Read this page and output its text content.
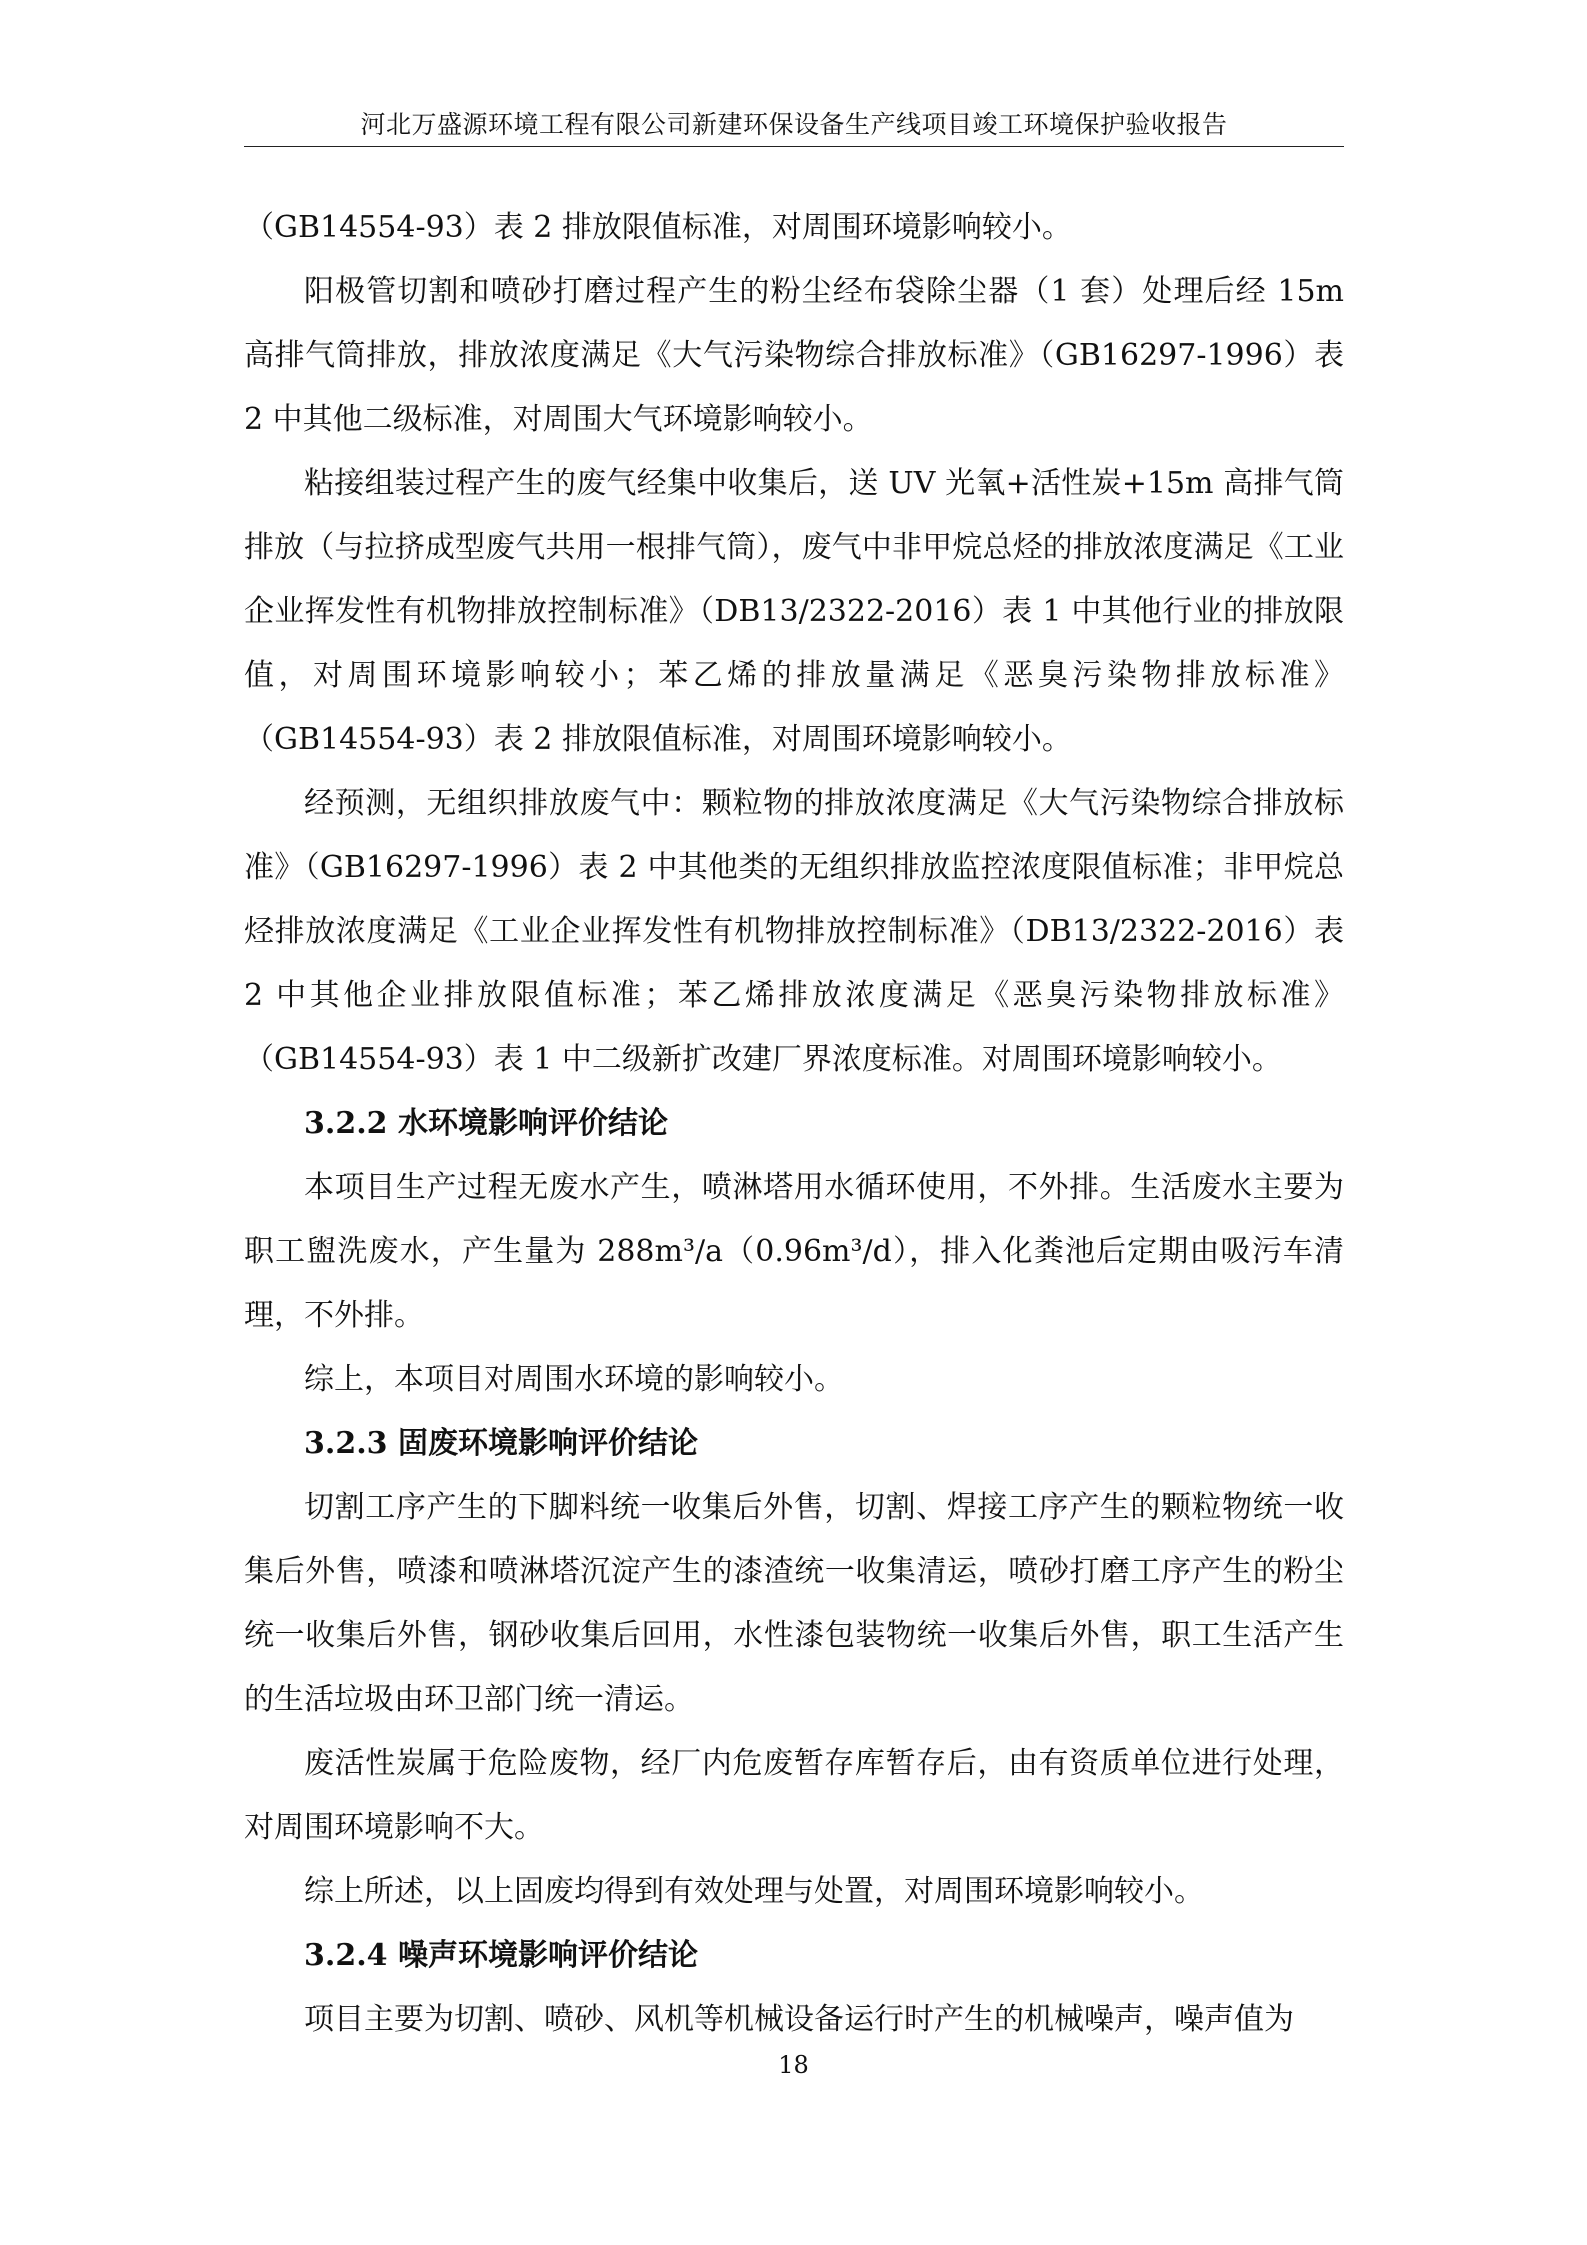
河北万盛源环境工程有限公司新建环保设备生产线项目竣工环境保护验收报告

（GB14554-93）表 2 排放限值标准，对周围环境影响较小。

阳极管切割和喷砂打磨过程产生的粉尘经布袋除尘器（1 套）处理后经 15m 高排气筒排放，排放浓度满足《大气污染物综合排放标准》（GB16297-1996）表 2 中其他二级标准，对周围大气环境影响较小。

粘接组装过程产生的废气经集中收集后，送 UV 光氧+活性炭+15m 高排气筒排放（与拉挤成型废气共用一根排气筒），废气中非甲烷总烃的排放浓度满足《工业企业挥发性有机物排放控制标准》（DB13/2322-2016）表 1 中其他行业的排放限值，对周围环境影响较小；苯乙烯的排放量满足《恶臭污染物排放标准》（GB14554-93）表 2 排放限值标准，对周围环境影响较小。

经预测，无组织排放废气中：颗粒物的排放浓度满足《大气污染物综合排放标准》（GB16297-1996）表 2 中其他类的无组织排放监控浓度限值标准；非甲烷总烃排放浓度满足《工业企业挥发性有机物排放控制标准》（DB13/2322-2016）表 2 中其他企业排放限值标准；苯乙烯排放浓度满足《恶臭污染物排放标准》（GB14554-93）表 1 中二级新扩改建厂界浓度标准。对周围环境影响较小。

3.2.2 水环境影响评价结论

本项目生产过程无废水产生，喷淋塔用水循环使用，不外排。生活废水主要为职工盥洗废水，产生量为 288m³/a（0.96m³/d），排入化粪池后定期由吸污车清理，不外排。

综上，本项目对周围水环境的影响较小。

3.2.3 固废环境影响评价结论

切割工序产生的下脚料统一收集后外售，切割、焊接工序产生的颗粒物统一收集后外售，喷漆和喷淋塔沉淀产生的漆渣统一收集清运，喷砂打磨工序产生的粉尘统一收集后外售，钢砂收集后回用，水性漆包装物统一收集后外售，职工生活产生的生活垃圾由环卫部门统一清运。

废活性炭属于危险废物，经厂内危废暂存库暂存后，由有资质单位进行处理，对周围环境影响不大。

综上所述，以上固废均得到有效处理与处置，对周围环境影响较小。

3.2.4 噪声环境影响评价结论

项目主要为切割、喷砂、风机等机械设备运行时产生的机械噪声，噪声值为

18
